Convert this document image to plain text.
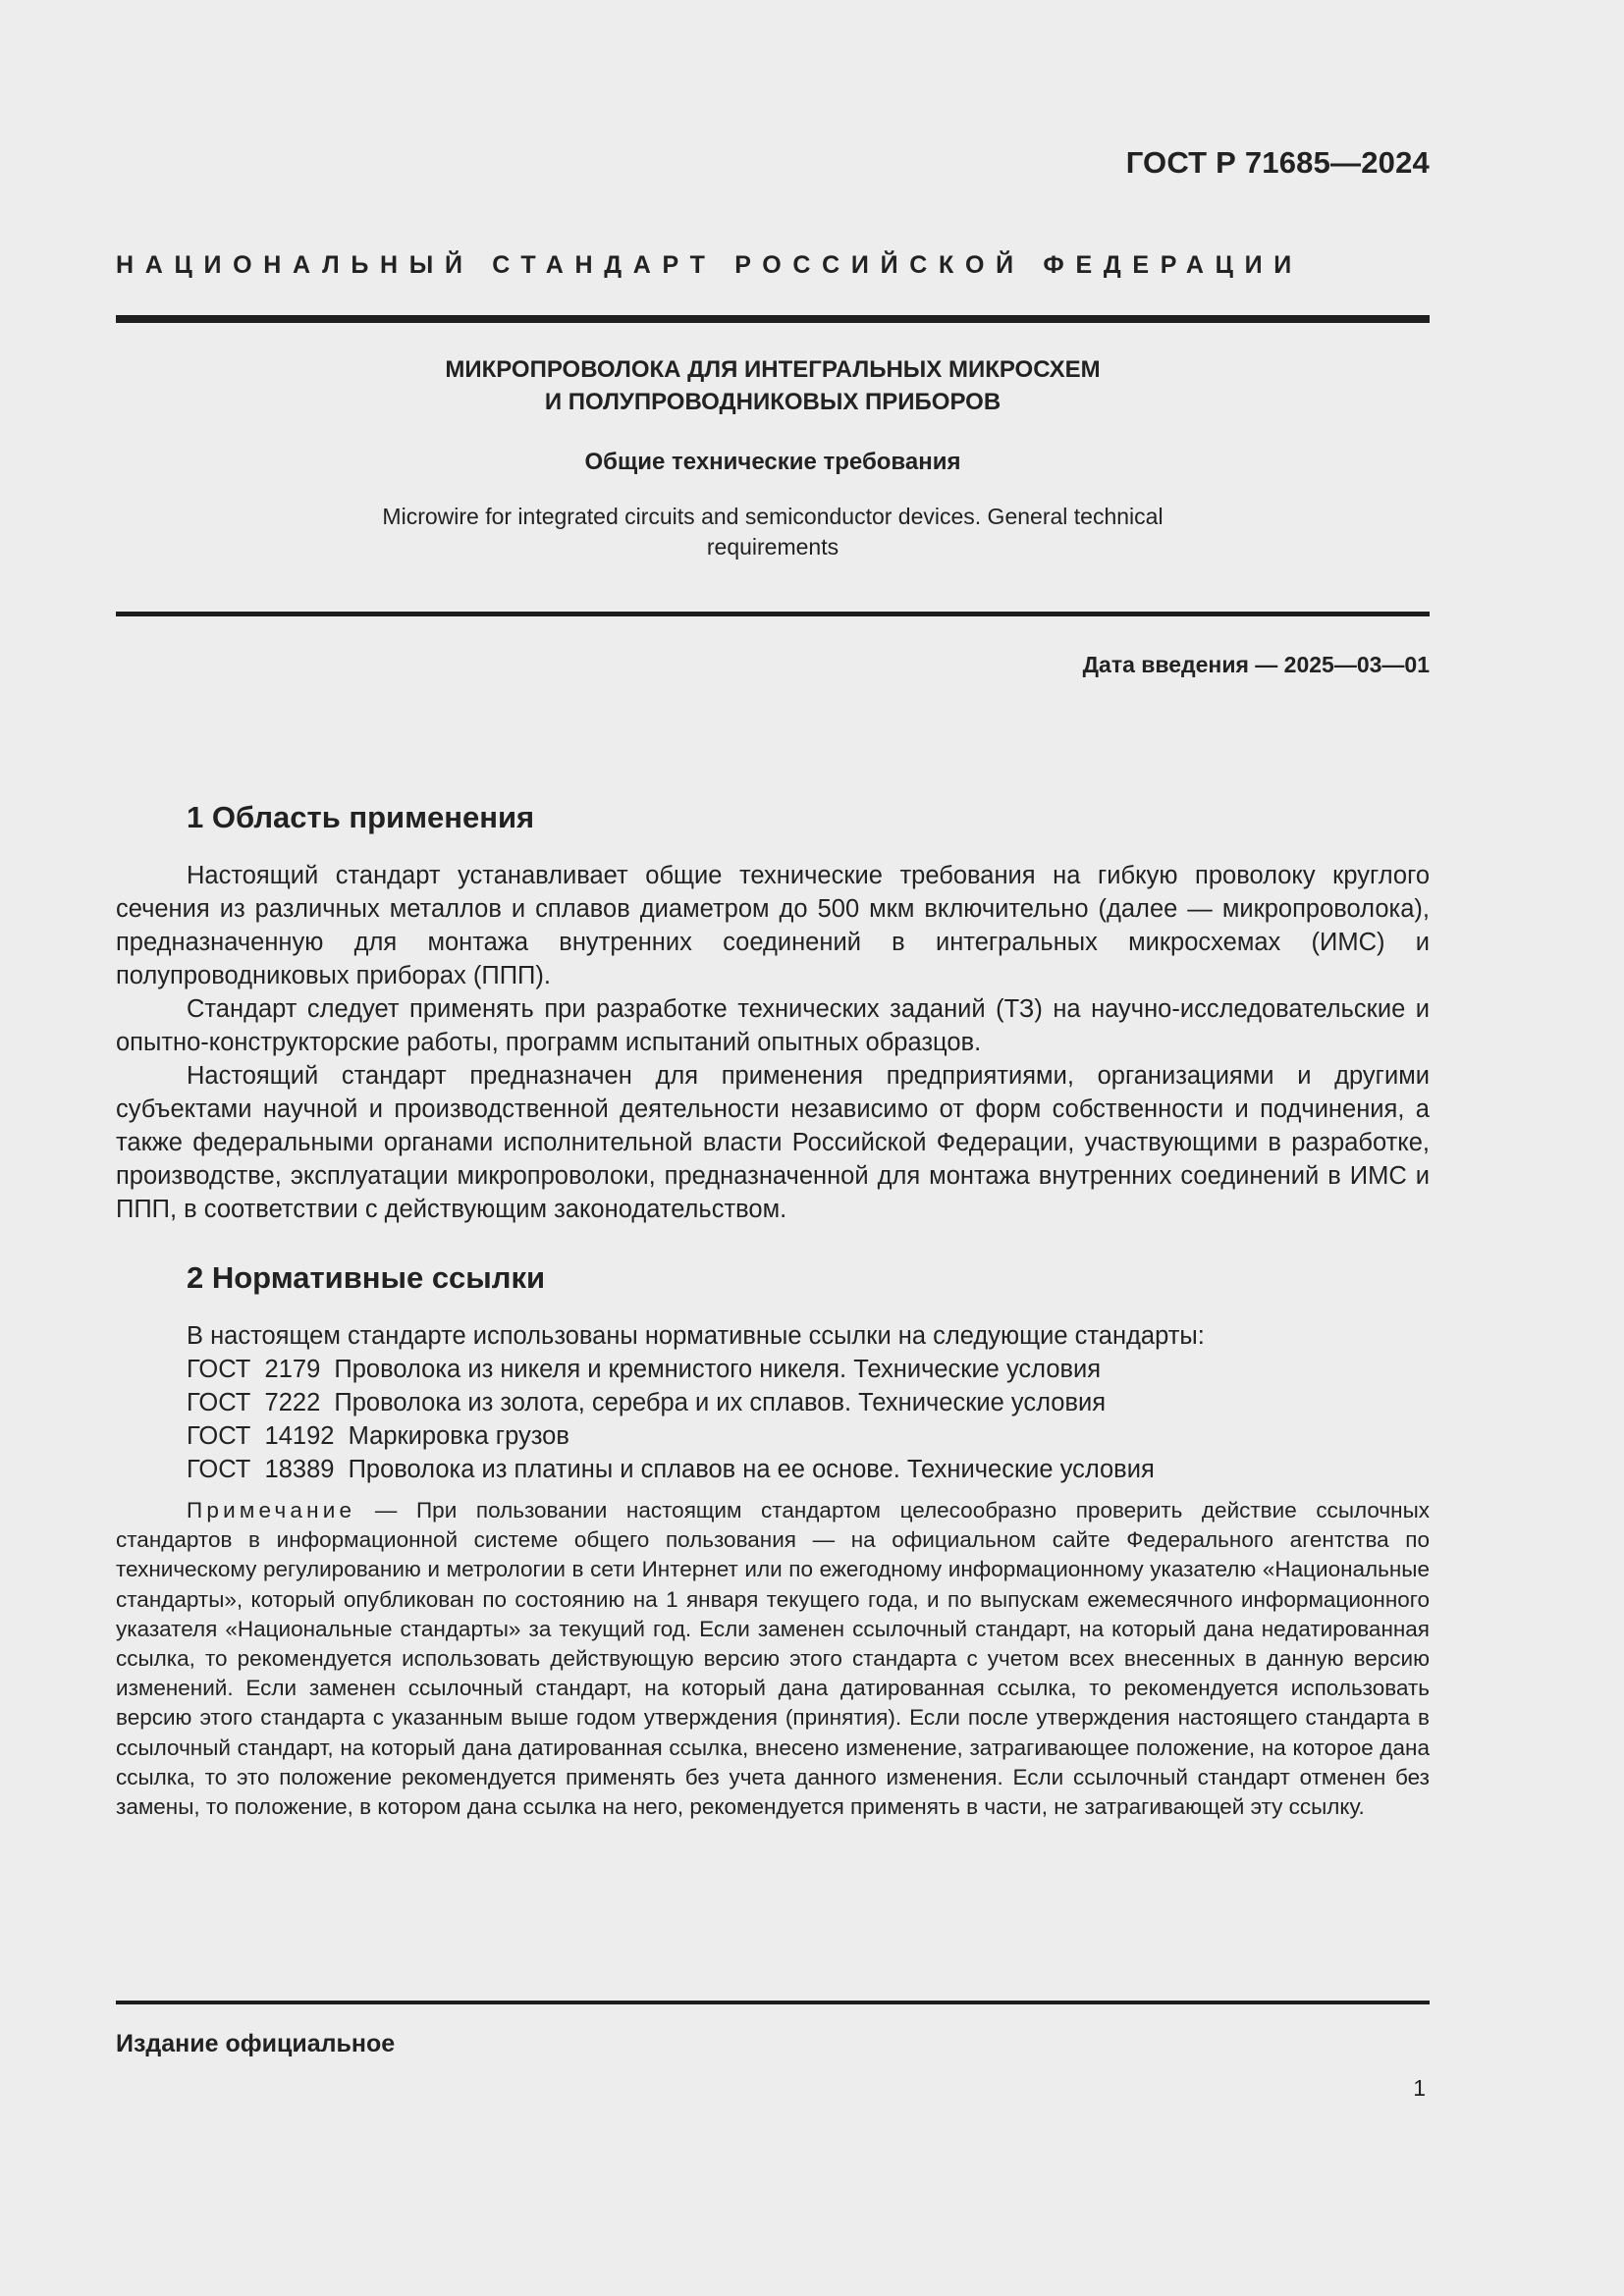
ГОСТ Р 71685—2024
НАЦИОНАЛЬНЫЙ СТАНДАРТ РОССИЙСКОЙ ФЕДЕРАЦИИ
МИКРОПРОВОЛОКА ДЛЯ ИНТЕГРАЛЬНЫХ МИКРОСХЕМ
И ПОЛУПРОВОДНИКОВЫХ ПРИБОРОВ
Общие технические требования
Microwire for integrated circuits and semiconductor devices. General technical
requirements
Дата введения — 2025—03—01
1 Область применения

Настоящий стандарт устанавливает общие технические требования на гибкую проволоку круглого сечения из различных металлов и сплавов диаметром до 500 мкм включительно (далее — микропроволока), предназначенную для монтажа внутренних соединений в интегральных микросхемах (ИМС) и полупроводниковых приборах (ППП).

Стандарт следует применять при разработке технических заданий (ТЗ) на научно-исследовательские и опытно-конструкторские работы, программ испытаний опытных образцов.

Настоящий стандарт предназначен для применения предприятиями, организациями и другими субъектами научной и производственной деятельности независимо от форм собственности и подчинения, а также федеральными органами исполнительной власти Российской Федерации, участвующими в разработке, производстве, эксплуатации микропроволоки, предназначенной для монтажа внутренних соединений в ИМС и ППП, в соответствии с действующим законодательством.

2 Нормативные ссылки
В настоящем стандарте использованы нормативные ссылки на следующие стандарты:
ГОСТ  2179  Проволока из никеля и кремнистого никеля. Технические условия
ГОСТ  7222  Проволока из золота, серебра и их сплавов. Технические условия
ГОСТ  14192  Маркировка грузов
ГОСТ  18389  Проволока из платины и сплавов на ее основе. Технические условия

Примечание — При пользовании настоящим стандартом целесообразно проверить действие ссылочных стандартов в информационной системе общего пользования — на официальном сайте Федерального агентства по техническому регулированию и метрологии в сети Интернет или по ежегодному информационному указателю «Национальные стандарты», который опубликован по состоянию на 1 января текущего года, и по выпускам ежемесячного информационного указателя «Национальные стандарты» за текущий год. Если заменен ссылочный стандарт, на который дана недатированная ссылка, то рекомендуется использовать действующую версию этого стандарта с учетом всех внесенных в данную версию изменений. Если заменен ссылочный стандарт, на который дана датированная ссылка, то рекомендуется использовать версию этого стандарта с указанным выше годом утверждения (принятия). Если после утверждения настоящего стандарта в ссылочный стандарт, на который дана датированная ссылка, внесено изменение, затрагивающее положение, на которое дана ссылка, то это положение рекомендуется применять без учета данного изменения. Если ссылочный стандарт отменен без замены, то положение, в котором дана ссылка на него, рекомендуется применять в части, не затрагивающей эту ссылку.

Издание официальное
1
